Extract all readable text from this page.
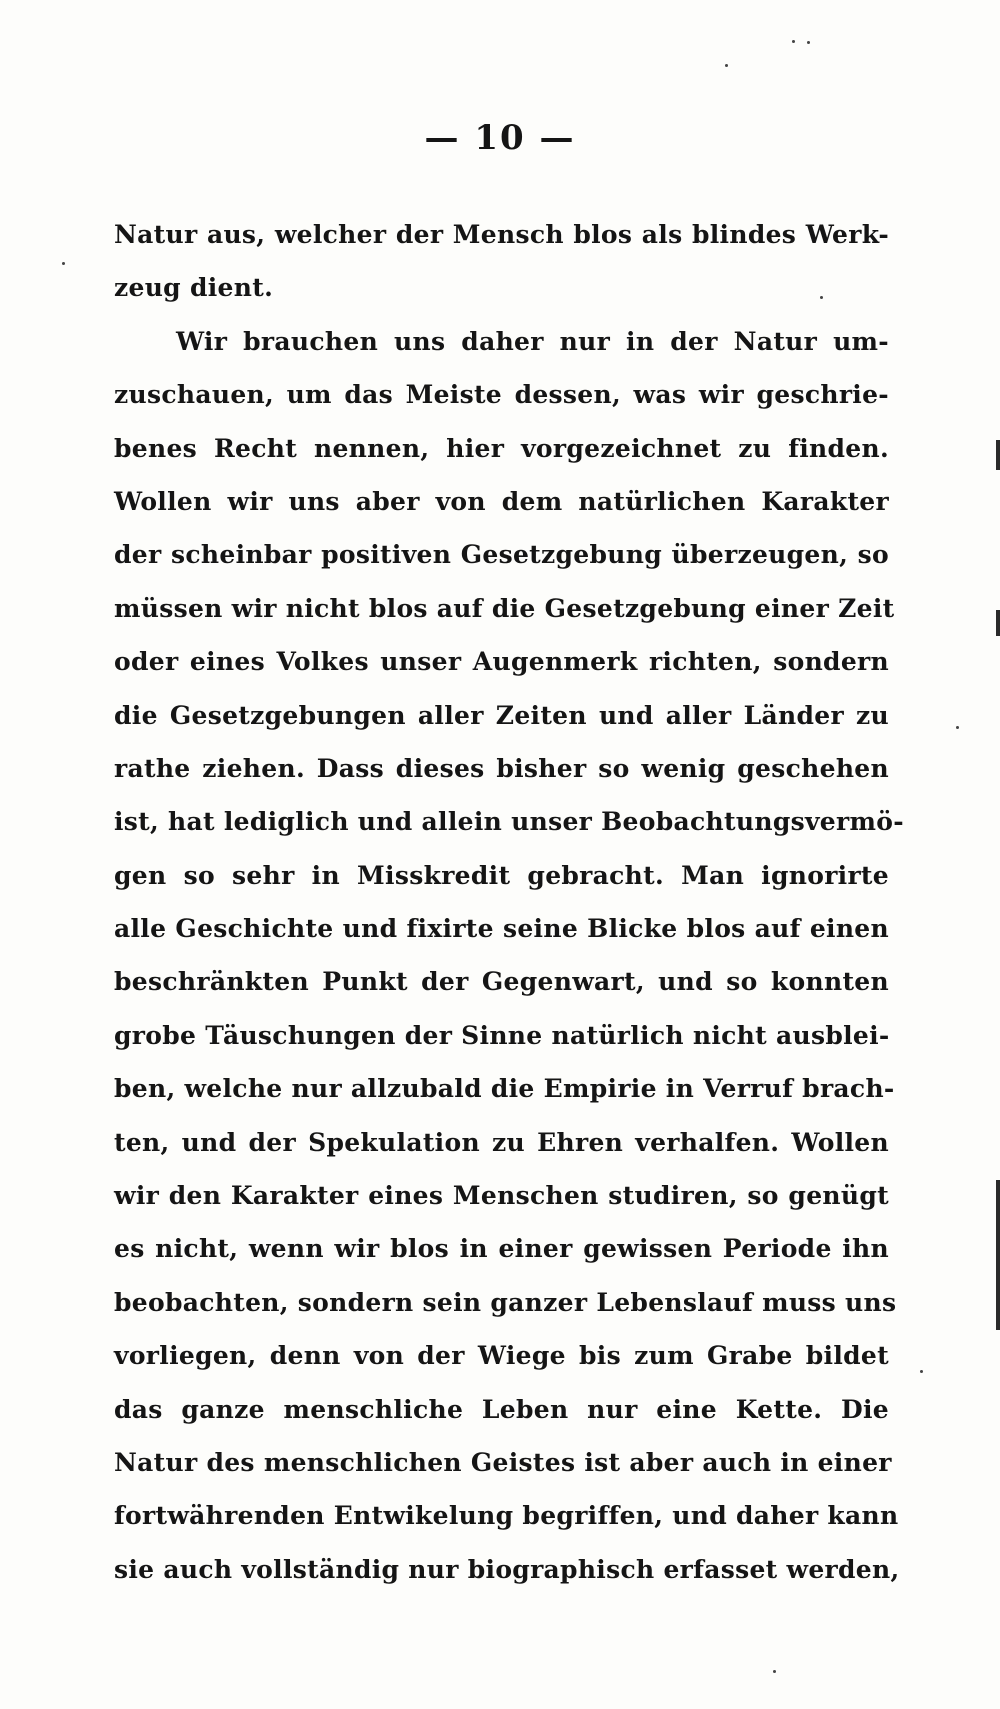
— 10 —
Natur aus, welcher der Mensch blos als blindes Werk-
zeug dient.
Wir brauchen uns daher nur in der Natur um-
zuschauen, um das Meiste dessen, was wir geschrie-
benes Recht nennen, hier vorgezeichnet zu finden.
Wollen wir uns aber von dem natürlichen Karakter
der scheinbar positiven Gesetzgebung überzeugen, so
müssen wir nicht blos auf die Gesetzgebung einer Zeit
oder eines Volkes unser Augenmerk richten, sondern
die Gesetzgebungen aller Zeiten und aller Länder zu
rathe ziehen. Dass dieses bisher so wenig geschehen
ist, hat lediglich und allein unser Beobachtungsvermö-
gen so sehr in Misskredit gebracht. Man ignorirte
alle Geschichte und fixirte seine Blicke blos auf einen
beschränkten Punkt der Gegenwart, und so konnten
grobe Täuschungen der Sinne natürlich nicht ausblei-
ben, welche nur allzubald die Empirie in Verruf brach-
ten, und der Spekulation zu Ehren verhalfen. Wollen
wir den Karakter eines Menschen studiren, so genügt
es nicht, wenn wir blos in einer gewissen Periode ihn
beobachten, sondern sein ganzer Lebenslauf muss uns
vorliegen, denn von der Wiege bis zum Grabe bildet
das ganze menschliche Leben nur eine Kette. Die
Natur des menschlichen Geistes ist aber auch in einer
fortwährenden Entwikelung begriffen, und daher kann
sie auch vollständig nur biographisch erfasset werden,
